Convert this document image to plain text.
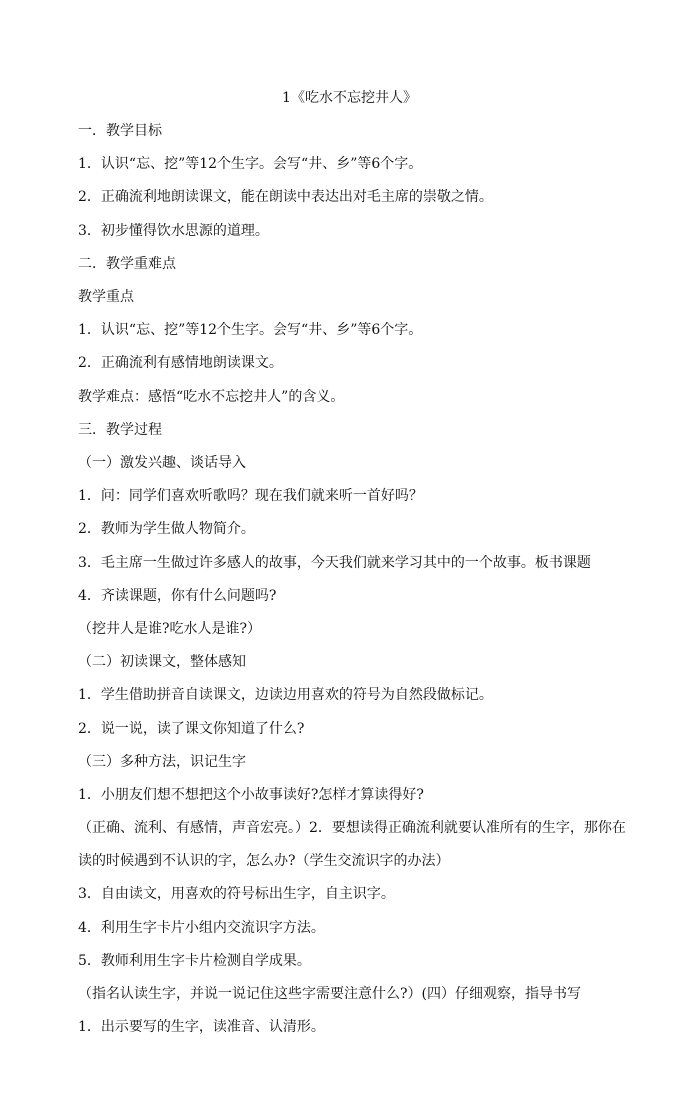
1《吃水不忘挖井人》
一．教学目标
1．认识“忘、挖”等12个生字。会写“井、乡”等6个字。
2．正确流利地朗读课文，能在朗读中表达出对毛主席的崇敬之情。
3．初步懂得饮水思源的道理。
二．教学重难点
教学重点
1．认识“忘、挖”等12个生字。会写“井、乡”等6个字。
2．正确流利有感情地朗读课文。
教学难点：感悟“吃水不忘挖井人”的含义。
三．教学过程
（一）激发兴趣、谈话导入
1．问：同学们喜欢听歌吗？现在我们就来听一首好吗？
2．教师为学生做人物简介。
3．毛主席一生做过许多感人的故事，今天我们就来学习其中的一个故事。板书课题
4．齐读课题，你有什么问题吗?
（挖井人是谁?吃水人是谁?）
（二）初读课文，整体感知
1．学生借助拼音自读课文，边读边用喜欢的符号为自然段做标记。
2．说一说，读了课文你知道了什么?
（三）多种方法，识记生字
1．小朋友们想不想把这个小故事读好?怎样才算读得好?
（正确、流利、有感情，声音宏亮。）2．要想读得正确流利就要认准所有的生字，那你在读的时候遇到不认识的字，怎么办?（学生交流识字的办法）
3．自由读文，用喜欢的符号标出生字，自主识字。
4．利用生字卡片小组内交流识字方法。
5．教师利用生字卡片检测自学成果。
（指名认读生字，并说一说记住这些字需要注意什么?）(四）仔细观察，指导书写
1．出示要写的生字，读准音、认清形。
